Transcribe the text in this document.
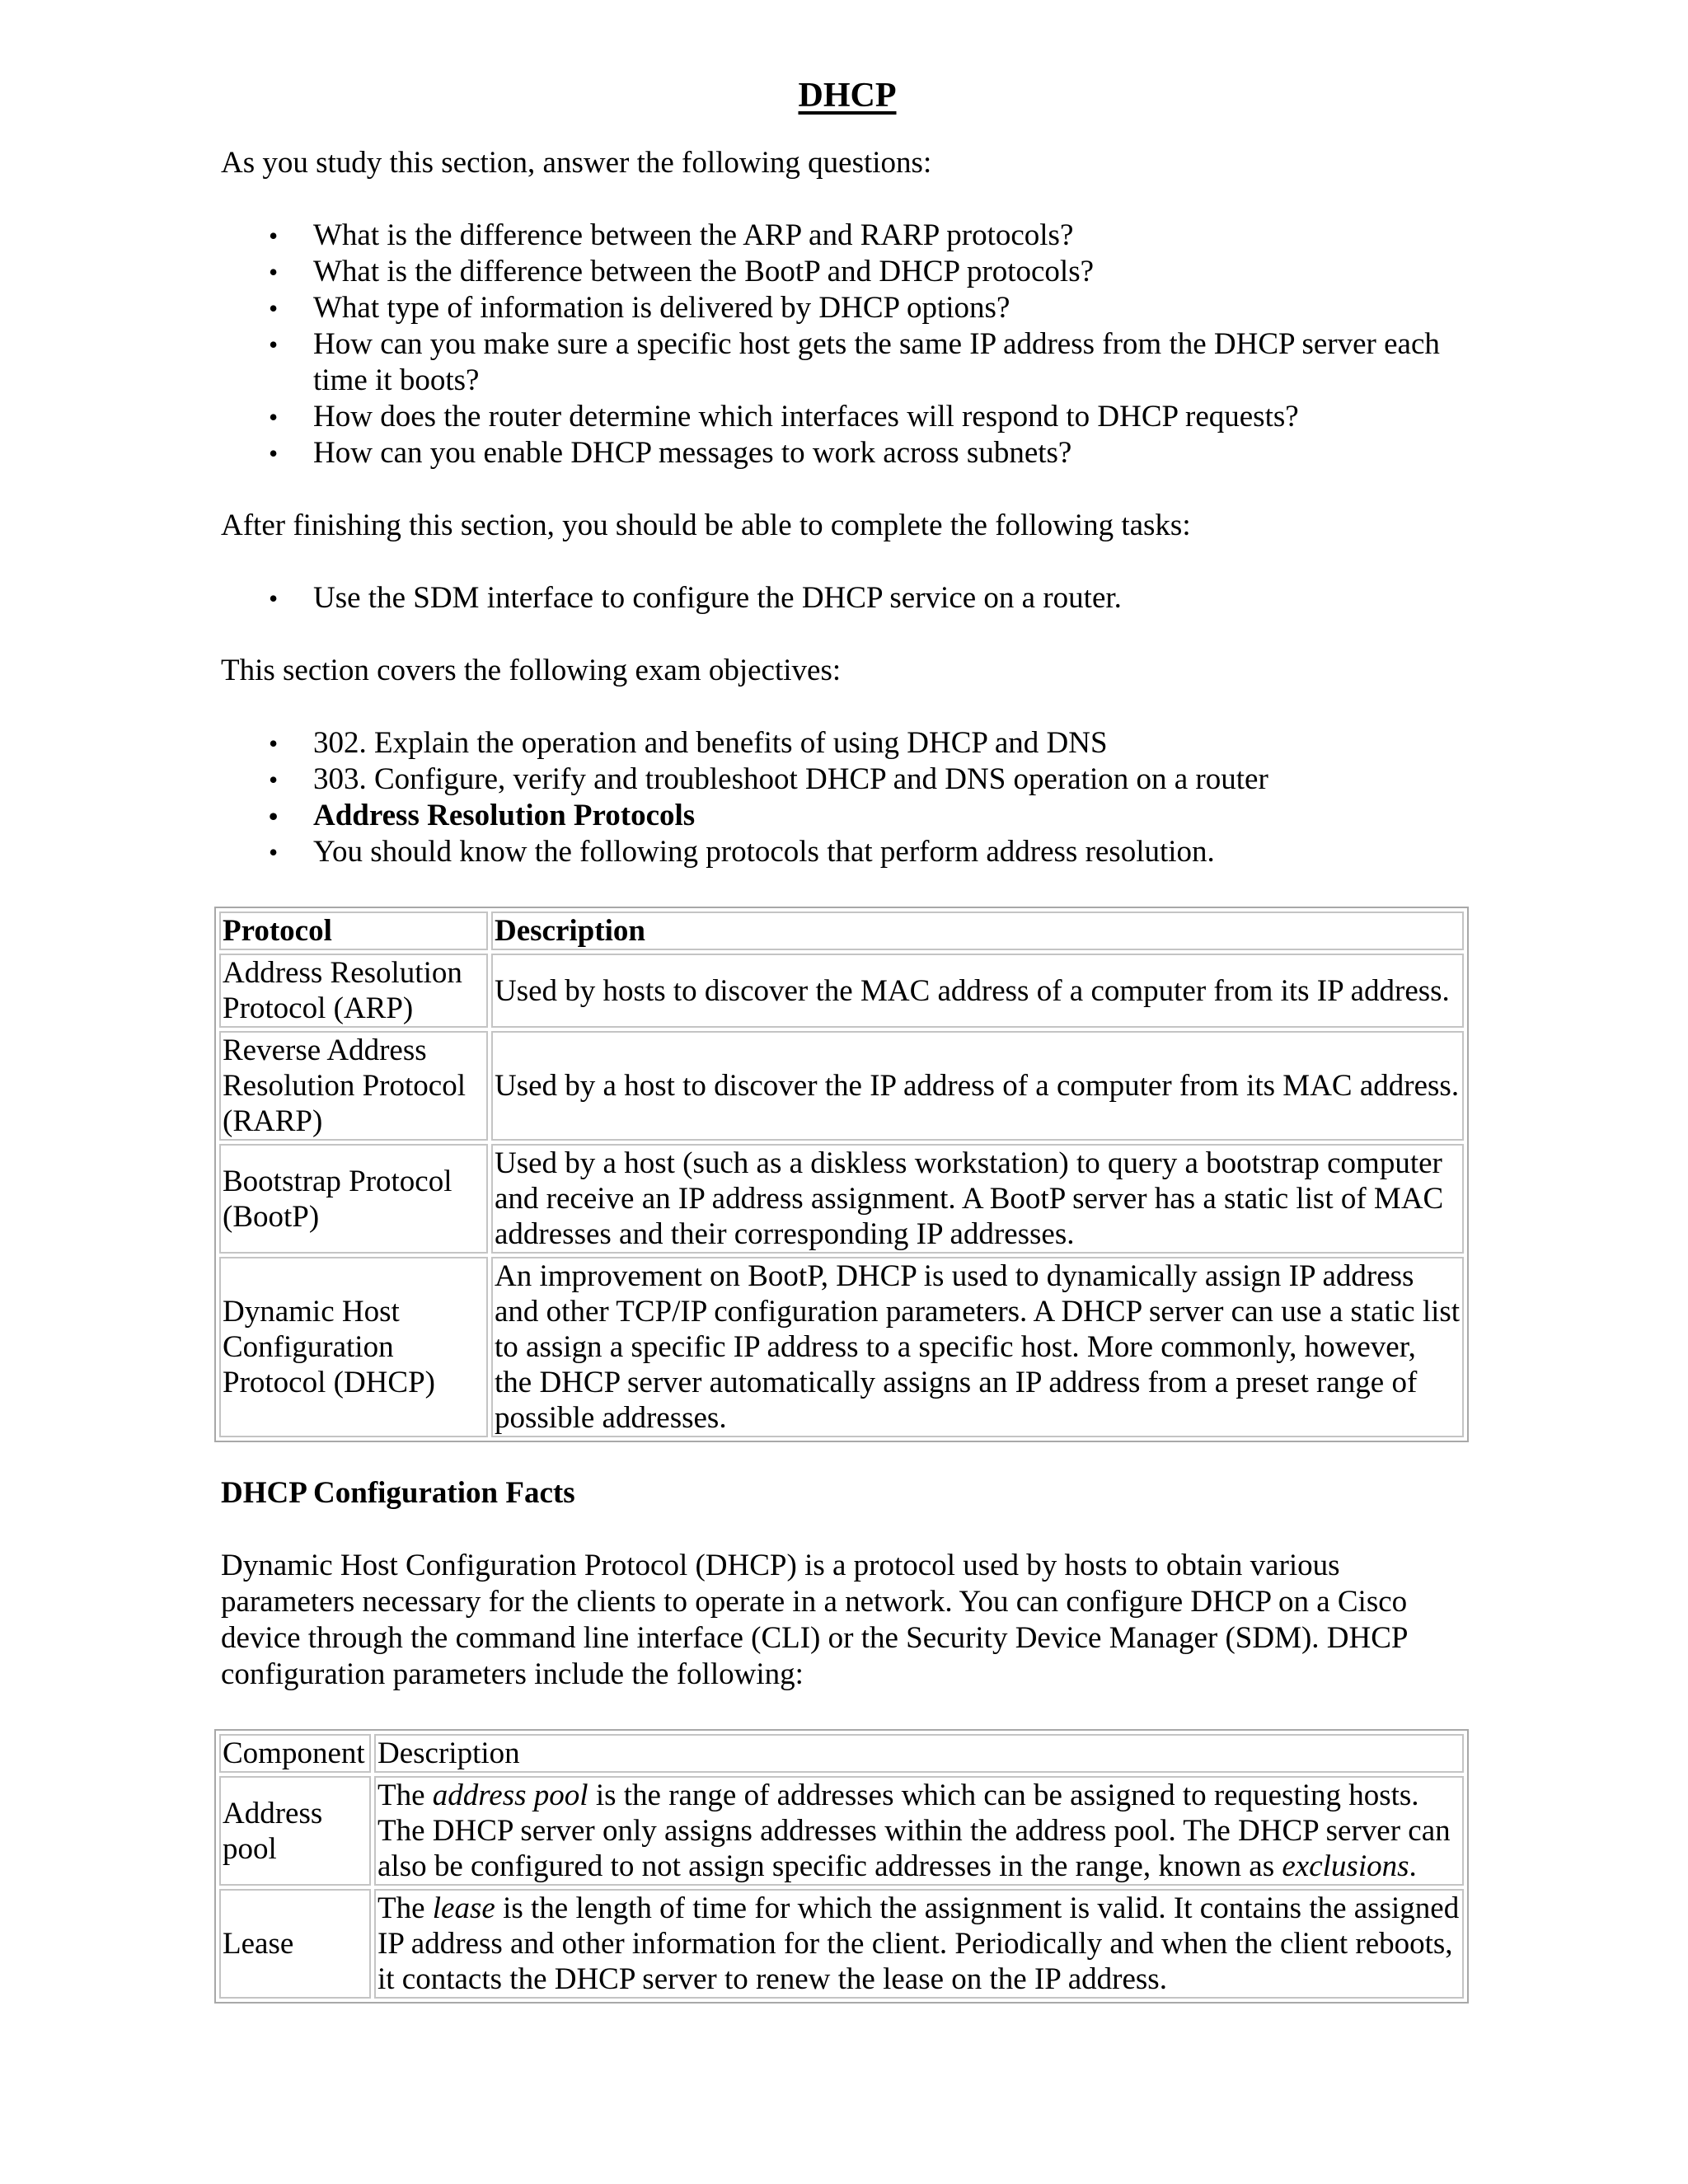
DHCP

As you study this section, answer the following questions:

• What is the difference between the ARP and RARP protocols?
• What is the difference between the BootP and DHCP protocols?
• What type of information is delivered by DHCP options?
• How can you make sure a specific host gets the same IP address from the DHCP server each time it boots?
• How does the router determine which interfaces will respond to DHCP requests?
• How can you enable DHCP messages to work across subnets?

After finishing this section, you should be able to complete the following tasks:

• Use the SDM interface to configure the DHCP service on a router.

This section covers the following exam objectives:

• 302. Explain the operation and benefits of using DHCP and DNS
• 303. Configure, verify and troubleshoot DHCP and DNS operation on a router
• Address Resolution Protocols
• You should know the following protocols that perform address resolution.
Protocol	Description
Address Resolution Protocol (ARP)	Used by hosts to discover the MAC address of a computer from its IP address.
Reverse Address Resolution Protocol (RARP)	Used by a host to discover the IP address of a computer from its MAC address.
Bootstrap Protocol (BootP)	Used by a host (such as a diskless workstation) to query a bootstrap computer and receive an IP address assignment. A BootP server has a static list of MAC addresses and their corresponding IP addresses.
Dynamic Host Configuration Protocol (DHCP)	An improvement on BootP, DHCP is used to dynamically assign IP address and other TCP/IP configuration parameters. A DHCP server can use a static list to assign a specific IP address to a specific host. More commonly, however, the DHCP server automatically assigns an IP address from a preset range of possible addresses.

DHCP Configuration Facts

Dynamic Host Configuration Protocol (DHCP) is a protocol used by hosts to obtain various parameters necessary for the clients to operate in a network. You can configure DHCP on a Cisco device through the command line interface (CLI) or the Security Device Manager (SDM). DHCP configuration parameters include the following:

Component	Description
Address pool	The address pool is the range of addresses which can be assigned to requesting hosts. The DHCP server only assigns addresses within the address pool. The DHCP server can also be configured to not assign specific addresses in the range, known as exclusions.
Lease	The lease is the length of time for which the assignment is valid. It contains the assigned IP address and other information for the client. Periodically and when the client reboots, it contacts the DHCP server to renew the lease on the IP address.
